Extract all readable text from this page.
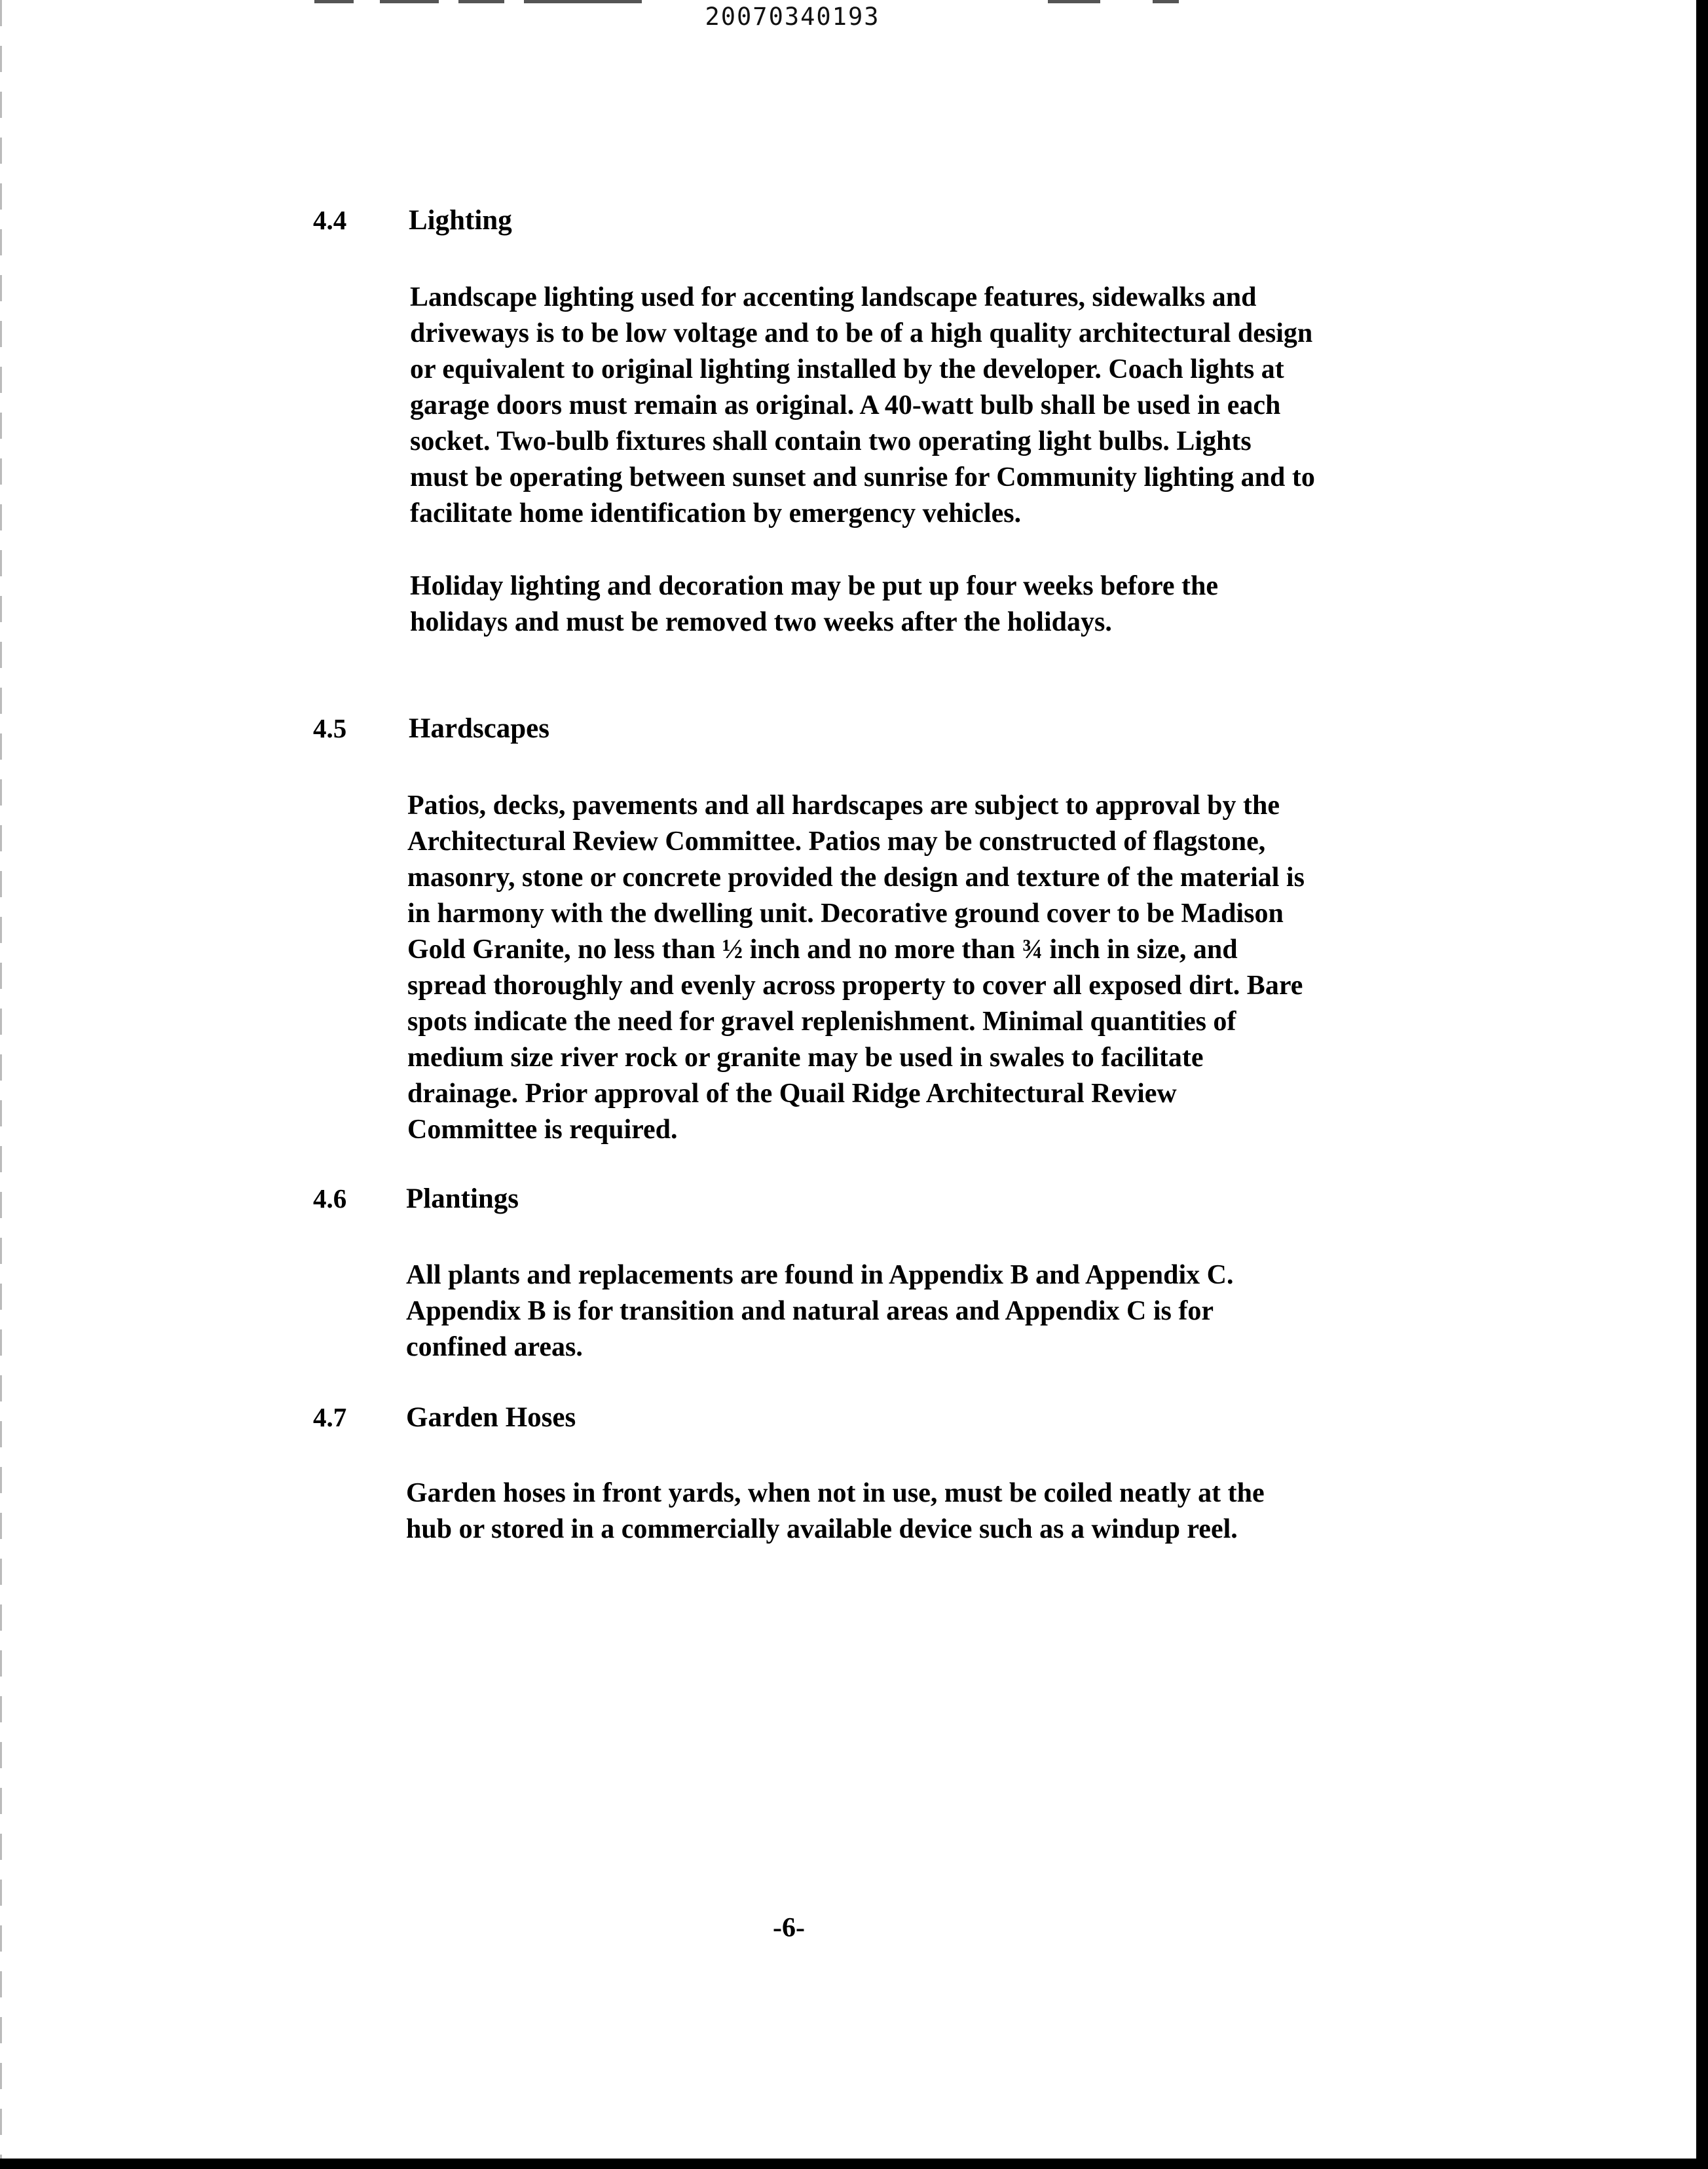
20070340193
4.4 Lighting
Landscape lighting used for accenting landscape features, sidewalks and
driveways is to be low voltage and to be of a high quality architectural design
or equivalent to original lighting installed by the developer. Coach lights at
garage doors must remain as original. A 40-watt bulb shall be used in each
socket. Two-bulb fixtures shall contain two operating light bulbs. Lights
must be operating between sunset and sunrise for Community lighting and to
facilitate home identification by emergency vehicles.
Holiday lighting and decoration may be put up four weeks before the
holidays and must be removed two weeks after the holidays.
4.5 Hardscapes
Patios, decks, pavements and all hardscapes are subject to approval by the
Architectural Review Committee. Patios may be constructed of flagstone,
masonry, stone or concrete provided the design and texture of the material is
in harmony with the dwelling unit. Decorative ground cover to be Madison
Gold Granite, no less than ½ inch and no more than ¾ inch in size, and
spread thoroughly and evenly across property to cover all exposed dirt. Bare
spots indicate the need for gravel replenishment. Minimal quantities of
medium size river rock or granite may be used in swales to facilitate
drainage. Prior approval of the Quail Ridge Architectural Review
Committee is required.
4.6 Plantings
All plants and replacements are found in Appendix B and Appendix C.
Appendix B is for transition and natural areas and Appendix C is for
confined areas.
4.7 Garden Hoses
Garden hoses in front yards, when not in use, must be coiled neatly at the
hub or stored in a commercially available device such as a windup reel.
-6-
